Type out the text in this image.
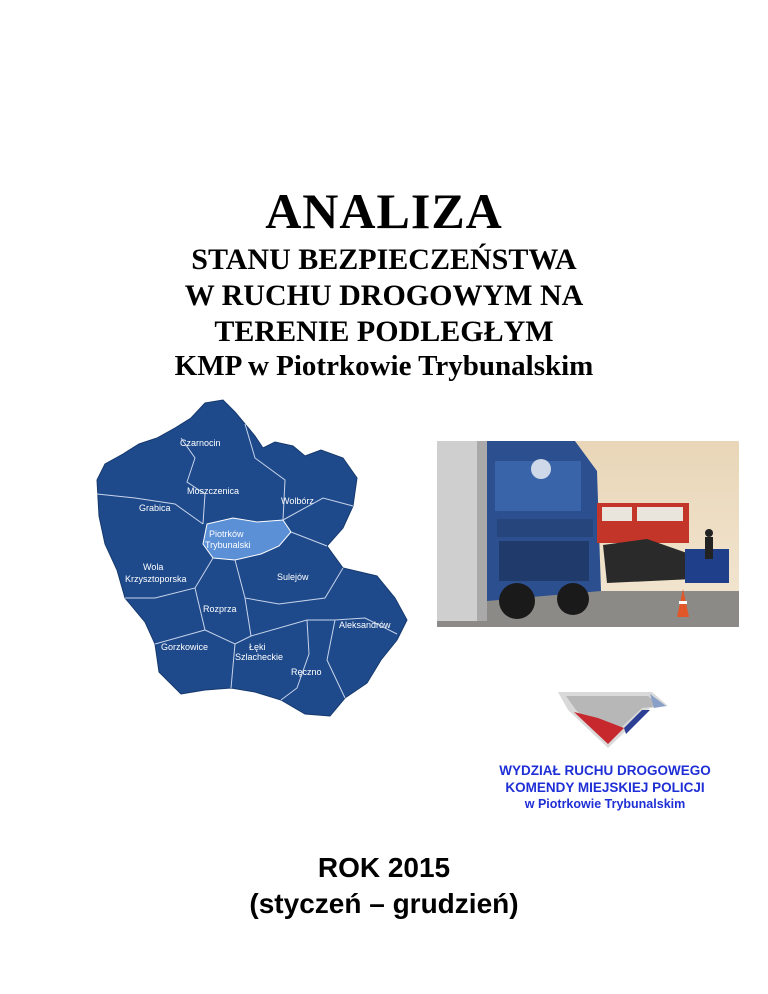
ANALIZA
STANU BEZPIECZEŃSTWA
W RUCHU DROGOWYM NA
TERENIE PODLEGŁYM
KMP w Piotrkowie Trybunalskim
Czarnocin
Moszczenica
Grabica
Wolbórz
Piotrków
Trybunalski
Wola
Krzysztoporska	Sulejów
Rozprza
Aleksandrów
Gorzkowice	Łęki
Szlacheckie
Ręczno
WYDZIAŁ RUCHU DROGOWEGO
KOMENDY MIEJSKIEJ POLICJI
w Piotrkowie Trybunalskim
ROK 2015
(styczeń – grudzień)
